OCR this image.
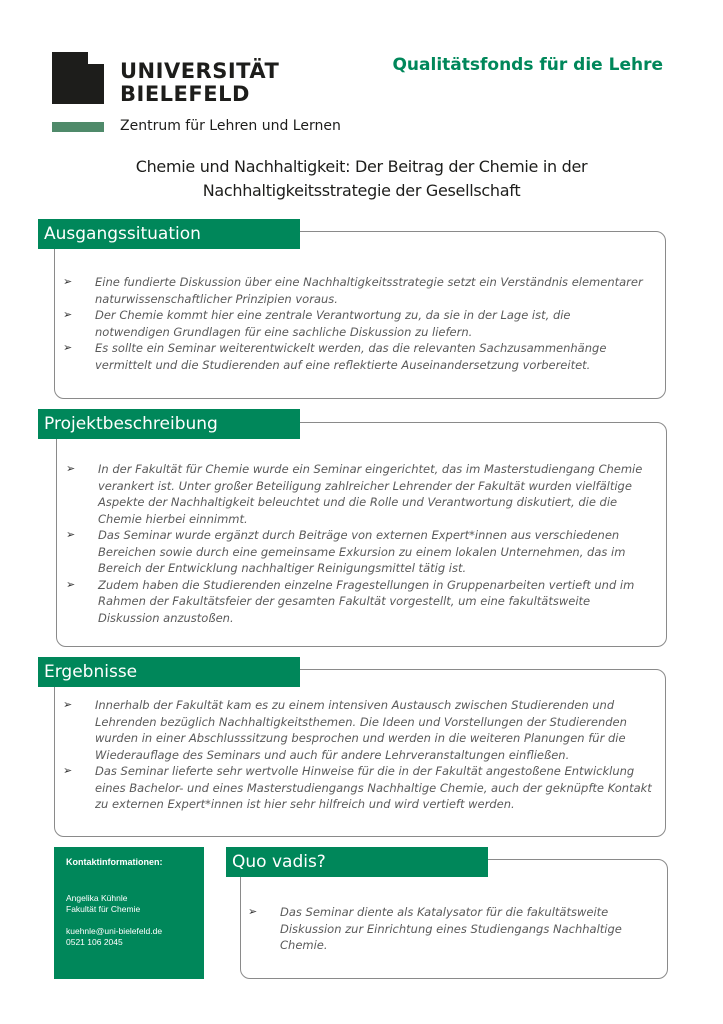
UNIVERSITÄT
BIELEFELD
Zentrum für Lehren und Lernen
Qualitätsfonds für die Lehre
Chemie und Nachhaltigkeit: Der Beitrag der Chemie in der
Nachhaltigkeitsstrategie der Gesellschaft
Ausgangssituation
➢ Eine fundierte Diskussion über eine Nachhaltigkeitsstrategie setzt ein Verständnis elementarer naturwissenschaftlicher Prinzipien voraus.
➢ Der Chemie kommt hier eine zentrale Verantwortung zu, da sie in der Lage ist, die notwendigen Grundlagen für eine sachliche Diskussion zu liefern.
➢ Es sollte ein Seminar weiterentwickelt werden, das die relevanten Sachzusammenhänge vermittelt und die Studierenden auf eine reflektierte Auseinandersetzung vorbereitet.
Projektbeschreibung
➢ In der Fakultät für Chemie wurde ein Seminar eingerichtet, das im Masterstudiengang Chemie verankert ist. Unter großer Beteiligung zahlreicher Lehrender der Fakultät wurden vielfältige Aspekte der Nachhaltigkeit beleuchtet und die Rolle und Verantwortung diskutiert, die die Chemie hierbei einnimmt.
➢ Das Seminar wurde ergänzt durch Beiträge von externen Expert*innen aus verschiedenen Bereichen sowie durch eine gemeinsame Exkursion zu einem lokalen Unternehmen, das im Bereich der Entwicklung nachhaltiger Reinigungsmittel tätig ist.
➢ Zudem haben die Studierenden einzelne Fragestellungen in Gruppenarbeiten vertieft und im Rahmen der Fakultätsfeier der gesamten Fakultät vorgestellt, um eine fakultätsweite Diskussion anzustoßen.
Ergebnisse
➢ Innerhalb der Fakultät kam es zu einem intensiven Austausch zwischen Studierenden und Lehrenden bezüglich Nachhaltigkeitsthemen. Die Ideen und Vorstellungen der Studierenden wurden in einer Abschlusssitzung besprochen und werden in die weiteren Planungen für die Wiederauflage des Seminars und auch für andere Lehrveranstaltungen einfließen.
➢ Das Seminar lieferte sehr wertvolle Hinweise für die in der Fakultät angestoßene Entwicklung eines Bachelor- und eines Masterstudiengangs Nachhaltige Chemie, auch der geknüpfte Kontakt zu externen Expert*innen ist hier sehr hilfreich und wird vertieft werden.
Kontaktinformationen:
Angelika Kühnle
Fakultät für Chemie
kuehnle@uni-bielefeld.de
0521 106 2045
Quo vadis?
➢ Das Seminar diente als Katalysator für die fakultätsweite Diskussion zur Einrichtung eines Studiengangs Nachhaltige Chemie.
